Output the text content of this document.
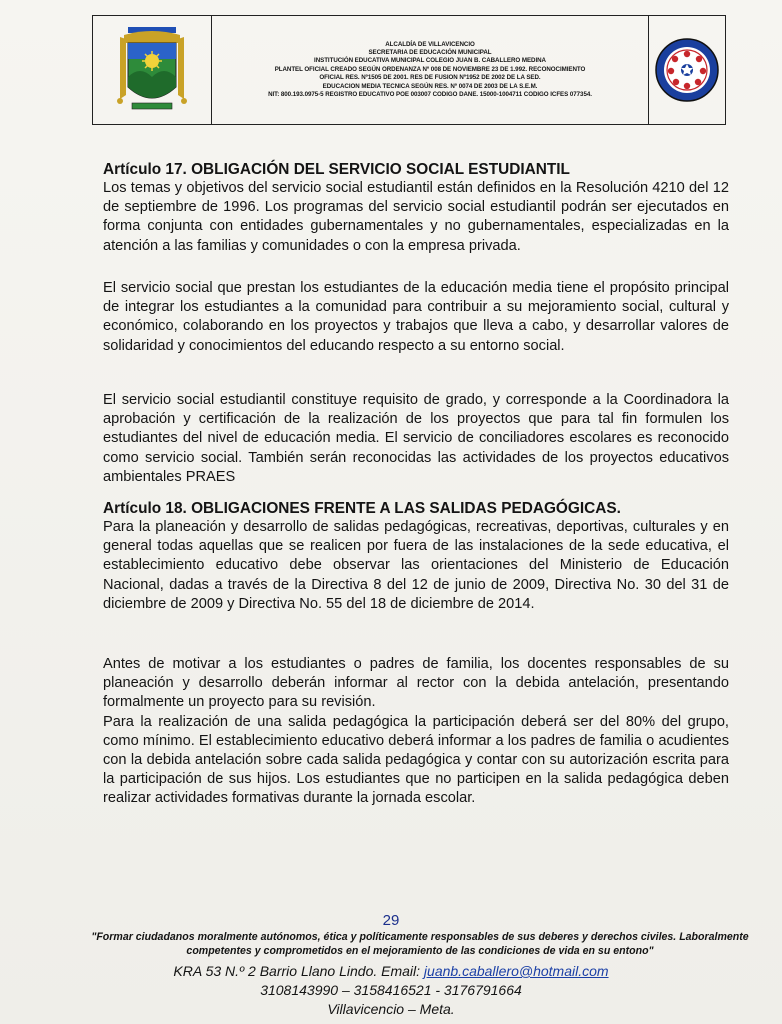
ALCALDÍA DE VILLAVICENCIO
SECRETARIA DE EDUCACIÓN MUNICIPAL
INSTITUCIÓN EDUCATIVA MUNICIPAL COLEGIO JUAN B. CABALLERO MEDINA
PLANTEL OFICIAL CREADO SEGÚN ORDENANZA Nº 008 DE NOVIEMBRE 23 DE 1.992. RECONOCIMIENTO
OFICIAL RES. Nº1505 DE 2001. RES DE FUSION Nº1952 DE 2002 DE LA SED.
EDUCACION MEDIA TECNICA SEGÚN RES. Nº 0074 DE 2003 DE LA S.E.M.
NIT: 800.193.0975-5 REGISTRO EDUCATIVO POE 003007 CODIGO DANE. 15000-1004711 CODIGO ICFES 077354.
Artículo 17. OBLIGACIÓN DEL SERVICIO SOCIAL ESTUDIANTIL

Los temas y objetivos del servicio social estudiantil están definidos en la Resolución 4210 del 12 de septiembre de 1996. Los programas del servicio social estudiantil podrán ser ejecutados en forma conjunta con entidades gubernamentales y no gubernamentales, especializadas en la atención a las familias y comunidades o con la empresa privada.

El servicio social que prestan los estudiantes de la educación media tiene el propósito principal de integrar los estudiantes a la comunidad para contribuir a su mejoramiento social, cultural y económico, colaborando en los proyectos y trabajos que lleva a cabo, y desarrollar valores de solidaridad y conocimientos del educando respecto a su entorno social.

El servicio social estudiantil constituye requisito de grado, y corresponde a la Coordinadora la aprobación y certificación de la realización de los proyectos que para tal fin formulen los estudiantes del nivel de educación media. El servicio de conciliadores escolares es reconocido como servicio social. También serán reconocidas las actividades de los proyectos educativos ambientales PRAES

Artículo 18. OBLIGACIONES FRENTE A LAS SALIDAS PEDAGÓGICAS.

Para la planeación y desarrollo de salidas pedagógicas, recreativas, deportivas, culturales y en general todas aquellas que se realicen por fuera de las instalaciones de la sede educativa, el establecimiento educativo debe observar las orientaciones del Ministerio de Educación Nacional, dadas a través de la Directiva 8 del 12 de junio de 2009, Directiva No. 30 del 31 de diciembre de 2009 y Directiva No. 55 del 18 de diciembre de 2014.

Antes de motivar a los estudiantes o padres de familia, los docentes responsables de su planeación y desarrollo deberán informar al rector con la debida antelación, presentando formalmente un proyecto para su revisión.

Para la realización de una salida pedagógica la participación deberá ser del 80% del grupo, como mínimo. El establecimiento educativo deberá informar a los padres de familia o acudientes con la debida antelación sobre cada salida pedagógica y contar con su autorización escrita para la participación de sus hijos. Los estudiantes que no participen en la salida pedagógica deben realizar actividades formativas durante la jornada escolar.

29
"Formar ciudadanos moralmente autónomos, ética y políticamente responsables de sus deberes y derechos civiles. Laboralmente
competentes y comprometidos en el mejoramiento de las condiciones de vida en su entono"
KRA 53 N.º 2 Barrio Llano Lindo. Email: juanb.caballero@hotmail.com
3108143990 – 3158416521 - 3176791664
Villavicencio – Meta.
